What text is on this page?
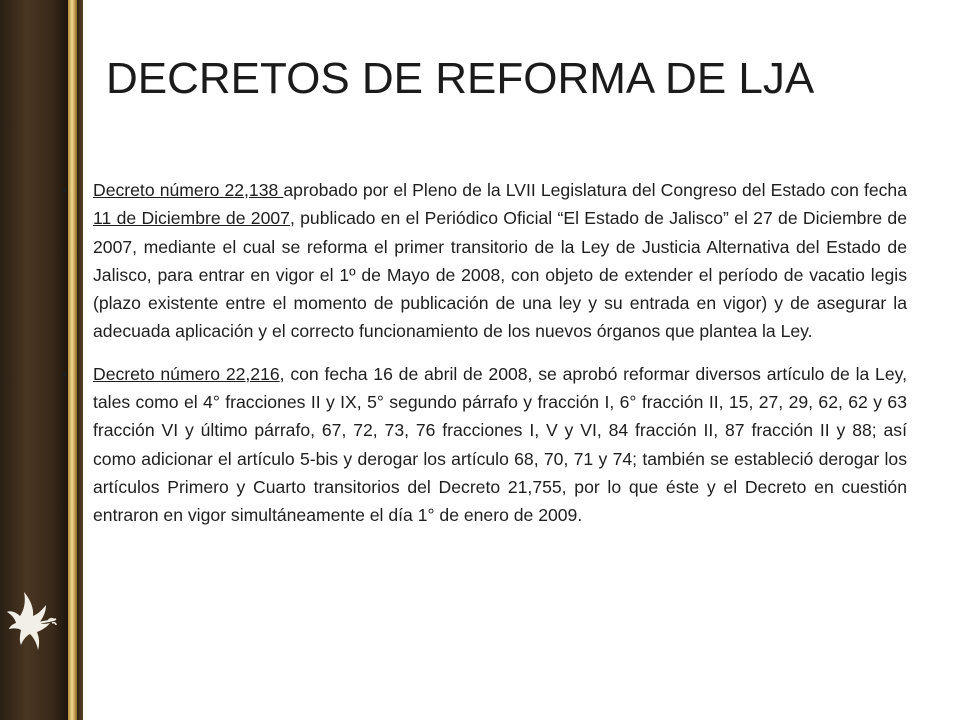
DECRETOS DE REFORMA DE LJA
• Decreto número 22,138 aprobado por el Pleno de la LVII Legislatura del Congreso del Estado con fecha 11 de Diciembre de 2007, publicado en el Periódico Oficial “El Estado de Jalisco” el 27 de Diciembre de 2007, mediante el cual se reforma el primer transitorio de la Ley de Justicia Alternativa del Estado de Jalisco, para entrar en vigor el 1º de Mayo de 2008, con objeto de extender el período de vacatio legis (plazo existente entre el momento de publicación de una ley y su entrada en vigor) y de asegurar la adecuada aplicación y el correcto funcionamiento de los nuevos órganos que plantea la Ley.
• Decreto número 22,216, con fecha 16 de abril de 2008, se aprobó reformar diversos artículo de la Ley, tales como el 4° fracciones II y IX, 5° segundo párrafo y fracción I, 6° fracción II, 15, 27, 29, 62, 62 y 63 fracción VI y último párrafo, 67, 72, 73, 76 fracciones I, V y VI, 84 fracción II, 87 fracción II y 88; así como adicionar el artículo 5-bis y derogar los artículo 68, 70, 71 y 74; también se estableció derogar los artículos Primero y Cuarto transitorios del Decreto 21,755, por lo que éste y el Decreto en cuestión entraron en vigor simultáneamente el día 1° de enero de 2009.
